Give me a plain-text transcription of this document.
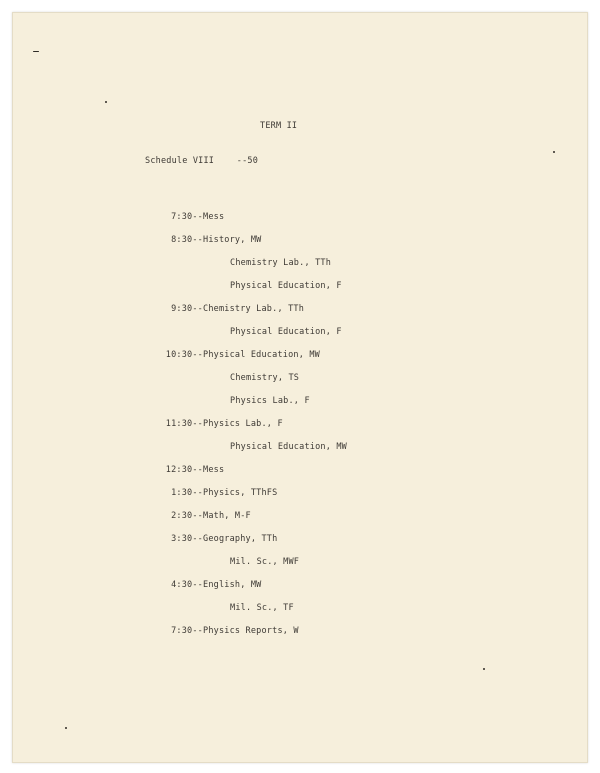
TERM II
Schedule VIII	--50
7:30-- Mess
8:30-- History, MW
Chemistry Lab., TTh
Physical Education, F
9:30-- Chemistry Lab., TTh
Physical Education, F
10:30-- Physical Education, MW
Chemistry, TS
Physics Lab., F
11:30-- Physics Lab., F
Physical Education, MW
12:30-- Mess
1:30-- Physics, TThFS
2:30-- Math, M-F
3:30-- Geography, TTh
Mil. Sc., MWF
4:30-- English, MW
Mil. Sc., TF
7:30-- Physics Reports, W
